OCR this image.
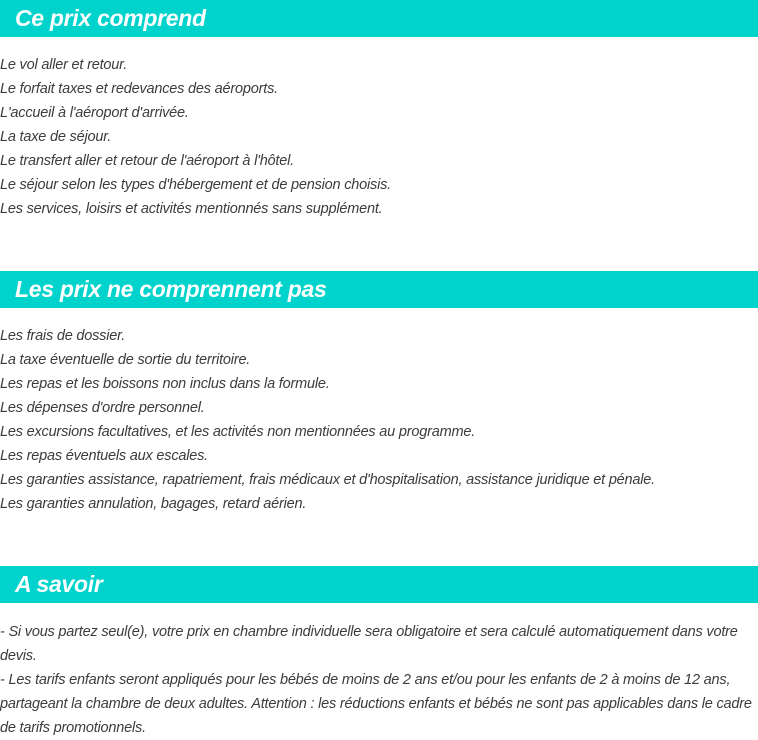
Ce prix comprend

Le vol aller et retour.

Le forfait taxes et redevances des aéroports.

L'accueil à l'aéroport d'arrivée.

La taxe de séjour.

Le transfert aller et retour de l'aéroport à l'hôtel.

Le séjour selon les types d'hébergement et de pension choisis.

Les services, loisirs et activités mentionnés sans supplément.

Les prix ne comprennent pas

Les frais de dossier.

La taxe éventuelle de sortie du territoire.

Les repas et les boissons non inclus dans la formule.

Les dépenses d'ordre personnel.

Les excursions facultatives, et les activités non mentionnées au programme.

Les repas éventuels aux escales.

Les garanties assistance, rapatriement, frais médicaux et d'hospitalisation, assistance juridique et pénale.

Les garanties annulation, bagages, retard aérien.

A savoir

- Si vous partez seul(e), votre prix en chambre individuelle sera obligatoire et sera calculé automatiquement dans votre devis.

- Les tarifs enfants seront appliqués pour les bébés de moins de 2 ans et/ou pour les enfants de 2 à moins de 12 ans, partageant la chambre de deux adultes. Attention : les réductions enfants et bébés ne sont pas applicables dans le cadre de tarifs promotionnels.
